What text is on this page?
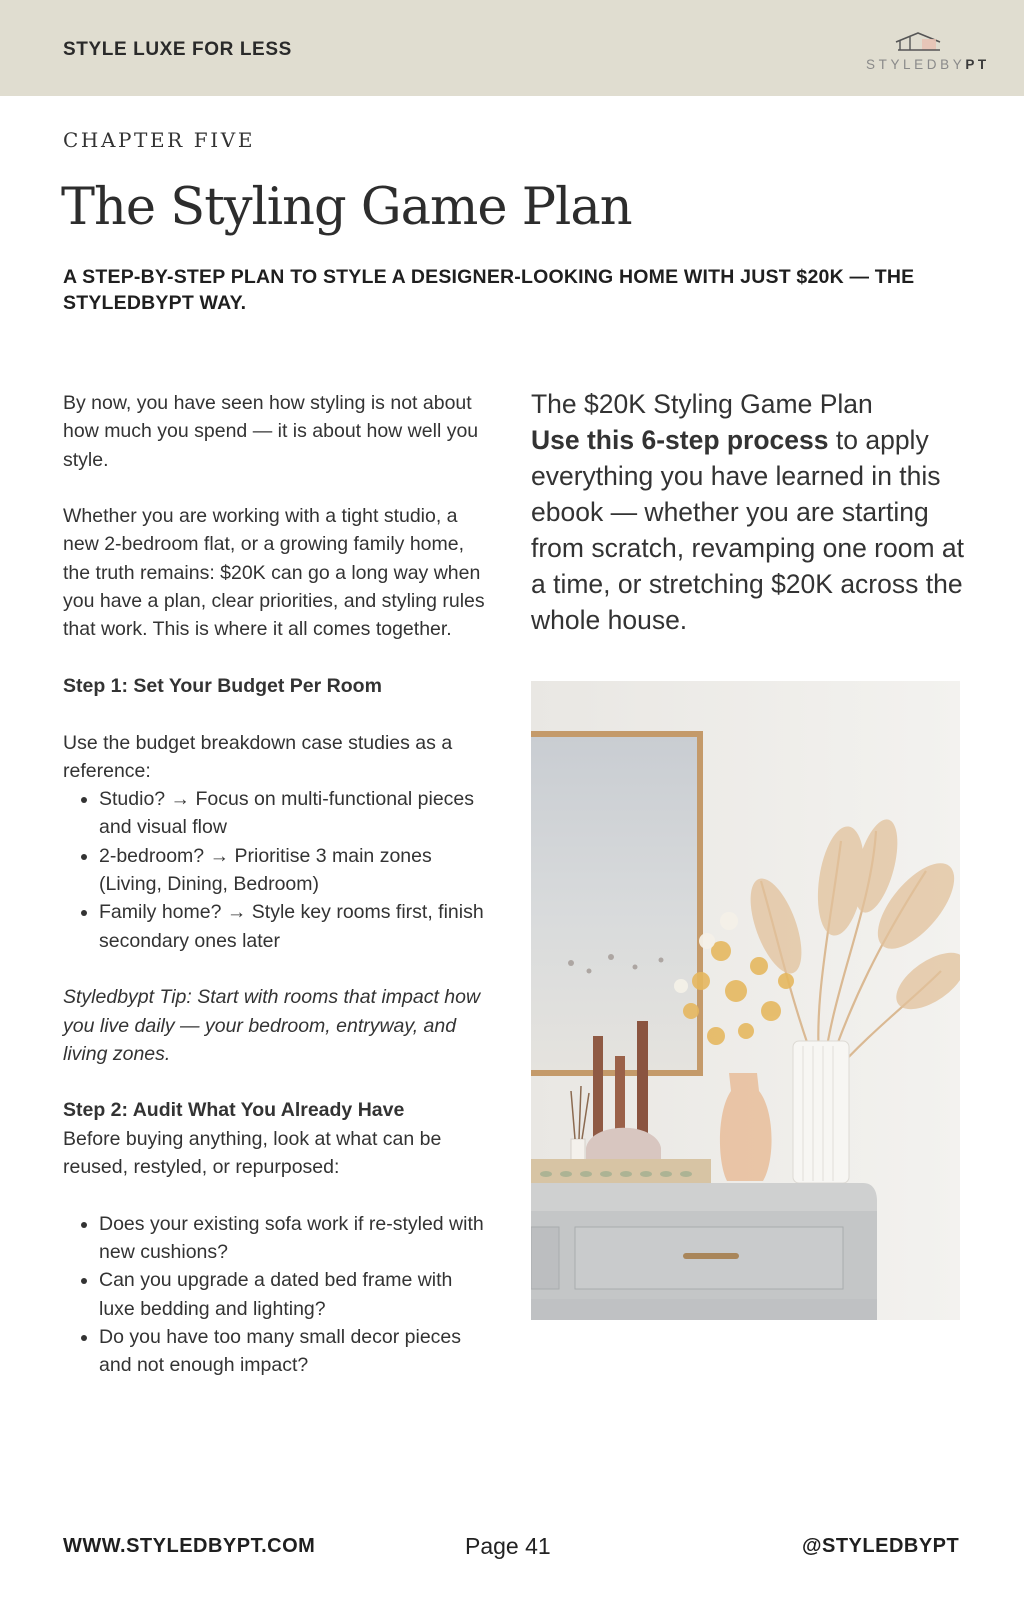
STYLE LUXE FOR LESS
STYLEDBYPT
CHAPTER FIVE
The Styling Game Plan
A STEP-BY-STEP PLAN TO STYLE A DESIGNER-LOOKING HOME WITH JUST $20K — THE STYLEDBYPT WAY.

By now, you have seen how styling is not about how much you spend — it is about how well you style.

Whether you are working with a tight studio, a new 2-bedroom flat, or a growing family home, the truth remains: $20K can go a long way when you have a plan, clear priorities, and styling rules that work. This is where it all comes together.

Step 1: Set Your Budget Per Room

Use the budget breakdown case studies as a reference:

• Studio? → Focus on multi-functional pieces and visual flow
• 2-bedroom? → Prioritise 3 main zones (Living, Dining, Bedroom)
• Family home? → Style key rooms first, finish secondary ones later

Styledbypt Tip: Start with rooms that impact how you live daily — your bedroom, entryway, and living zones.

Step 2: Audit What You Already Have

Before buying anything, look at what can be reused, restyled, or repurposed:

• Does your existing sofa work if re-styled with new cushions?
• Can you upgrade a dated bed frame with luxe bedding and lighting?
• Do you have too many small decor pieces and not enough impact?

The $20K Styling Game Plan

Use this 6-step process to apply everything you have learned in this ebook — whether you are starting from scratch, revamping one room at a time, or stretching $20K across the whole house.

WWW.STYLEDBYPT.COM	Page 41	@STYLEDBYPT
